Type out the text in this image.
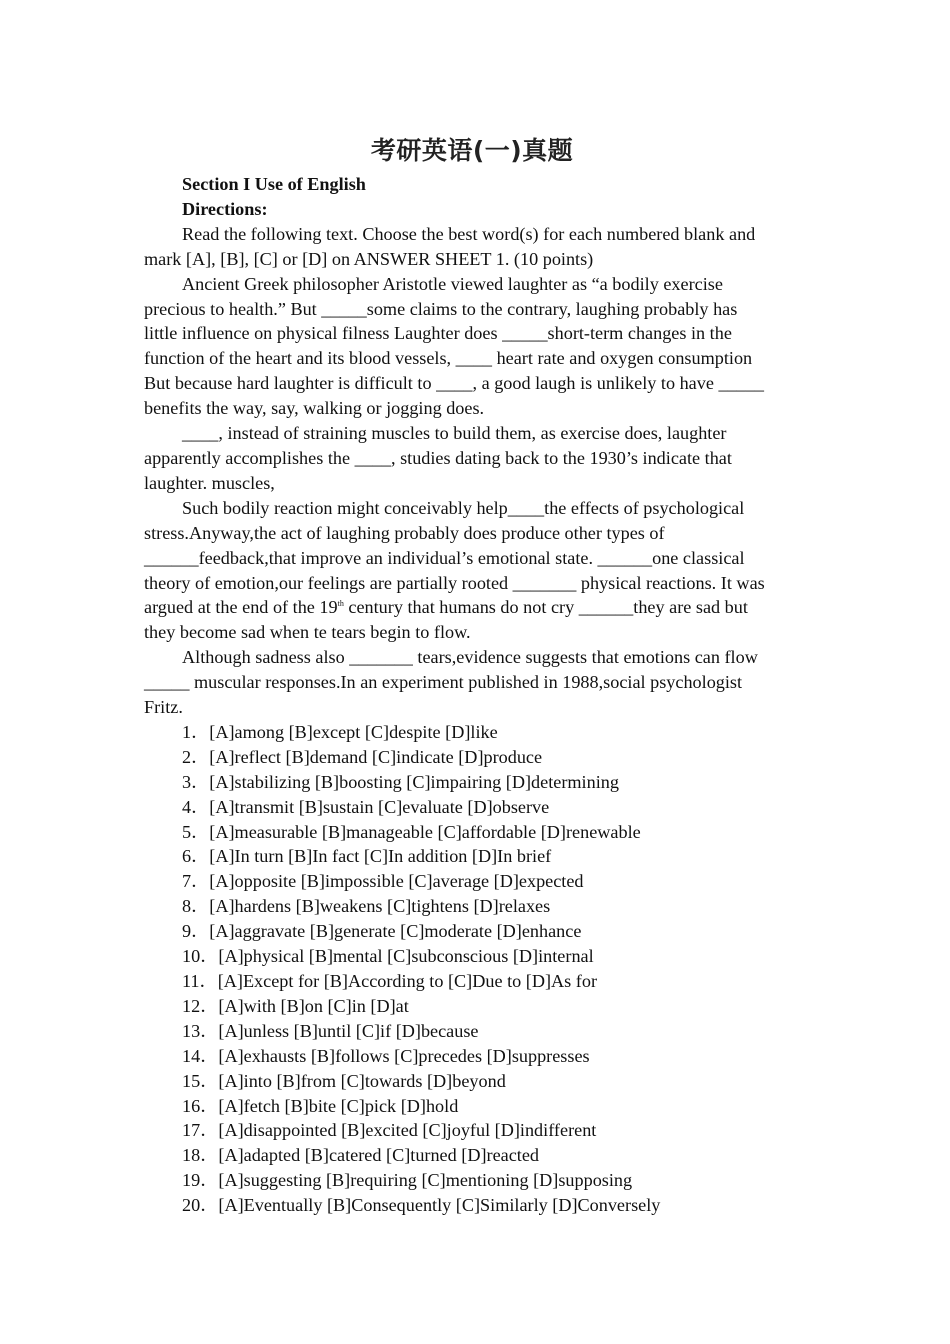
考研英语(一)真题

Section I Use of English

Directions:

Read the following text. Choose the best word(s) for each numbered blank and

mark [A], [B], [C] or [D] on ANSWER SHEET 1. (10 points)

Ancient Greek philosopher Aristotle viewed laughter as “a bodily exercise

precious to health.” But _____some claims to the contrary, laughing probably has

little influence on physical filness Laughter does _____short-term changes in the

function of the heart and its blood vessels, ____ heart rate and oxygen consumption

But because hard laughter is difficult to ____, a good laugh is unlikely to have _____

benefits the way, say, walking or jogging does.

____, instead of straining muscles to build them, as exercise does, laughter

apparently accomplishes the ____, studies dating back to the 1930’s indicate that

laughter. muscles,

Such bodily reaction might conceivably help____the effects of psychological

stress.Anyway,the act of laughing probably does produce other types of

______feedback,that improve an individual’s emotional state. ______one classical

theory of emotion,our feelings are partially rooted _______ physical reactions. It was

argued at the end of the 19th century that humans do not cry ______they are sad but

they become sad when te tears begin to flow.

Although sadness also _______ tears,evidence suggests that emotions can flow

_____ muscular responses.In an experiment published in 1988,social psychologist

Fritz.

1．[A]among [B]except [C]despite [D]like

2．[A]reflect [B]demand [C]indicate [D]produce

3．[A]stabilizing [B]boosting [C]impairing [D]determining

4．[A]transmit [B]sustain [C]evaluate [D]observe

5．[A]measurable [B]manageable [C]affordable [D]renewable

6．[A]In turn [B]In fact [C]In addition [D]In brief

7．[A]opposite [B]impossible [C]average [D]expected

8．[A]hardens [B]weakens [C]tightens [D]relaxes

9．[A]aggravate [B]generate [C]moderate [D]enhance

10．[A]physical [B]mental [C]subconscious [D]internal

11．[A]Except for [B]According to [C]Due to [D]As for

12．[A]with [B]on [C]in [D]at

13．[A]unless [B]until [C]if [D]because

14．[A]exhausts [B]follows [C]precedes [D]suppresses

15．[A]into [B]from [C]towards [D]beyond

16．[A]fetch [B]bite [C]pick [D]hold

17．[A]disappointed [B]excited [C]joyful [D]indifferent

18．[A]adapted [B]catered [C]turned [D]reacted

19．[A]suggesting [B]requiring [C]mentioning [D]supposing

20．[A]Eventually [B]Consequently [C]Similarly [D]Conversely
